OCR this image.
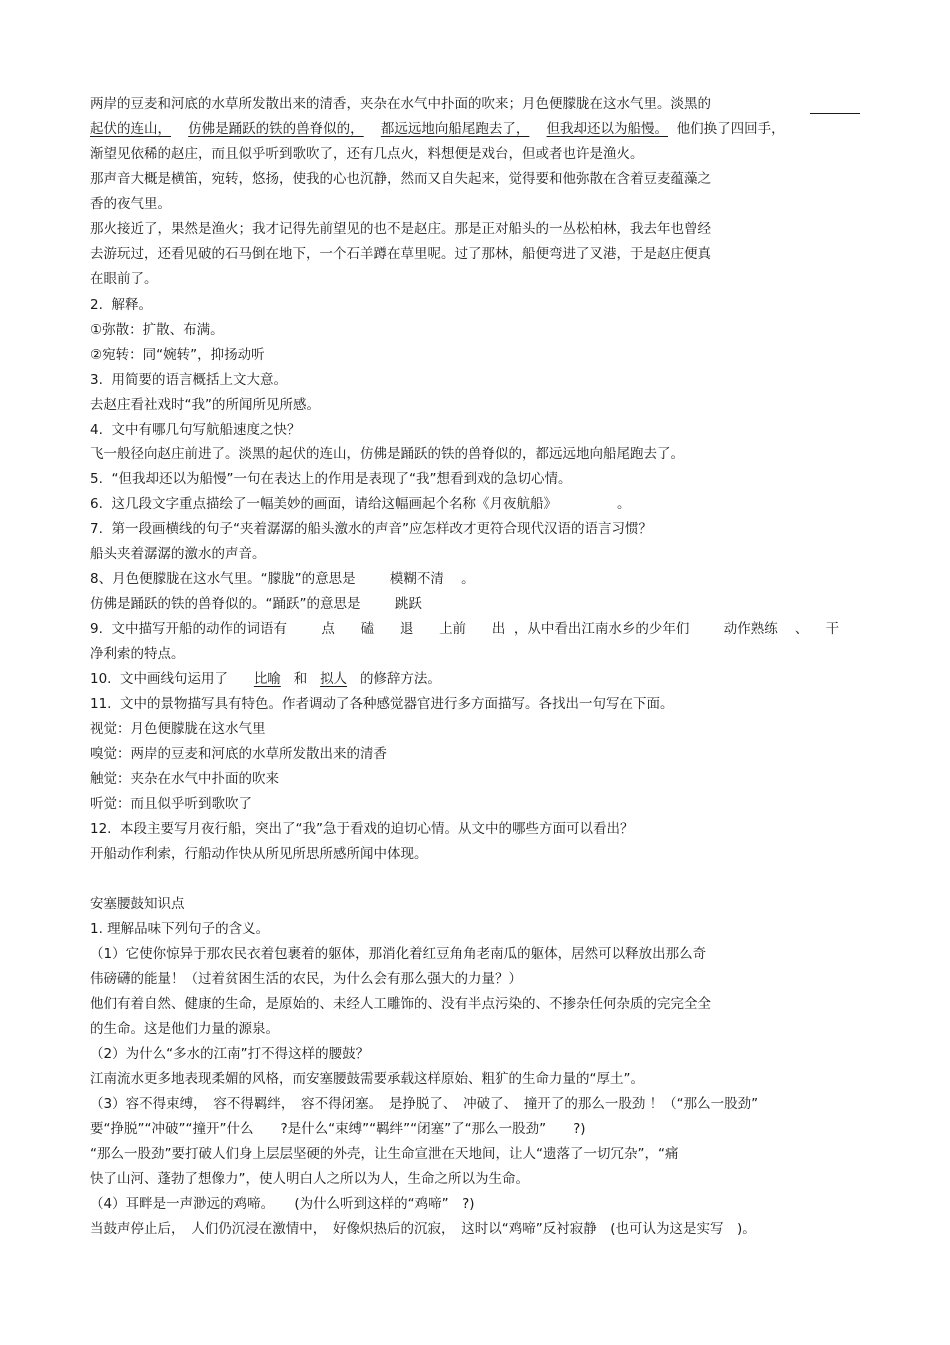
两岸的豆麦和河底的水草所发散出来的清香，夹杂在水气中扑面的吹来；月色便朦胧在这水气里。淡黑的
起伏的连山， 仿佛是踊跃的铁的兽脊似的， 都远远地向船尾跑去了， 但我却还以为船慢。 他们换了四回手，
渐望见依稀的赵庄，而且似乎听到歌吹了，还有几点火，料想便是戏台，但或者也许是渔火。
那声音大概是横笛，宛转，悠扬，使我的心也沉静，然而又自失起来，觉得要和他弥散在含着豆麦蕴藻之
香的夜气里。
那火接近了，果然是渔火；我才记得先前望见的也不是赵庄。那是正对船头的一丛松柏林，我去年也曾经
去游玩过，还看见破的石马倒在地下，一个石羊蹲在草里呢。过了那林，船便弯进了叉港，于是赵庄便真
在眼前了。
2.  解释。
①弥散：扩散、布满。
②宛转：同“婉转”，抑扬动听
3.  用简要的语言概括上文大意。
去赵庄看社戏时“我”的所闻所见所感。
4.  文中有哪几句写航船速度之快？
飞一般径向赵庄前进了。淡黑的起伏的连山，仿佛是踊跃的铁的兽脊似的，都远远地向船尾跑去了。
5.  “但我却还以为船慢”一句在表达上的作用是表现了“我”想看到戏的急切心情。
6.  这几段文字重点描绘了一幅美妙的画面，请给这幅画起个名称《月夜航船》	。
7.  第一段画横线的句子“夹着潺潺的船头激水的声音”应怎样改才更符合现代汉语的语言习惯？
船头夹着潺潺的激水的声音。
8、月色便朦胧在这水气里。“朦胧”的意思是	模糊不清 。
仿佛是踊跃的铁的兽脊似的。“踊跃”的意思是	跳跃
9.  文中描写开船的动作的词语有	点 磕 退 上前 出 ，从中看出江南水乡的少年们	动作熟练 、 干
净利索的特点。
10.  文中画线句运用了 比喻 和 拟人 的修辞方法。
11.  文中的景物描写具有特色。作者调动了各种感觉器官进行多方面描写。各找出一句写在下面。
视觉：月色便朦胧在这水气里
嗅觉：两岸的豆麦和河底的水草所发散出来的清香
触觉：夹杂在水气中扑面的吹来
听觉：而且似乎听到歌吹了
12.  本段主要写月夜行船，突出了“我”急于看戏的迫切心情。从文中的哪些方面可以看出？
开船动作利索，行船动作快从所见所思所感所闻中体现。
安塞腰鼓知识点
1. 理解品味下列句子的含义。
（1）它使你惊异于那农民衣着包裹着的躯体，那消化着红豆角角老南瓜的躯体，居然可以释放出那么奇
伟磅礴的能量！（过着贫困生活的农民，为什么会有那么强大的力量？）
他们有着自然、健康的生命，是原始的、未经人工雕饰的、没有半点污染的、不掺杂任何杂质的完完全全
的生命。这是他们力量的源泉。
（2）为什么“多水的江南”打不得这样的腰鼓？
江南流水更多地表现柔媚的风格，而安塞腰鼓需要承载这样原始、粗犷的生命力量的“厚土”。
（3）容不得束缚，　容不得羁绊，　容不得闭塞。　是挣脱了、　冲破了、　撞开了的那么一股劲 ！（“那么一股劲”
要“挣脱”“冲破”“撞开”什么　　?是什么“束缚”“羁绊”“闭塞”了“那么一股劲”　　?)
“那么一股劲”要打破人们身上层层坚硬的外壳，让生命宣泄在天地间，让人“遗落了一切冗杂”，“痛
快了山河、蓬勃了想像力”，使人明白人之所以为人，生命之所以为生命。
（4）耳畔是一声渺远的鸡啼。　　(为什么听到这样的“鸡啼”　?)
当鼓声停止后，　人们仍沉浸在激情中，　好像炽热后的沉寂，　这时以“鸡啼”反衬寂静　(也可认为这是实写　)。
